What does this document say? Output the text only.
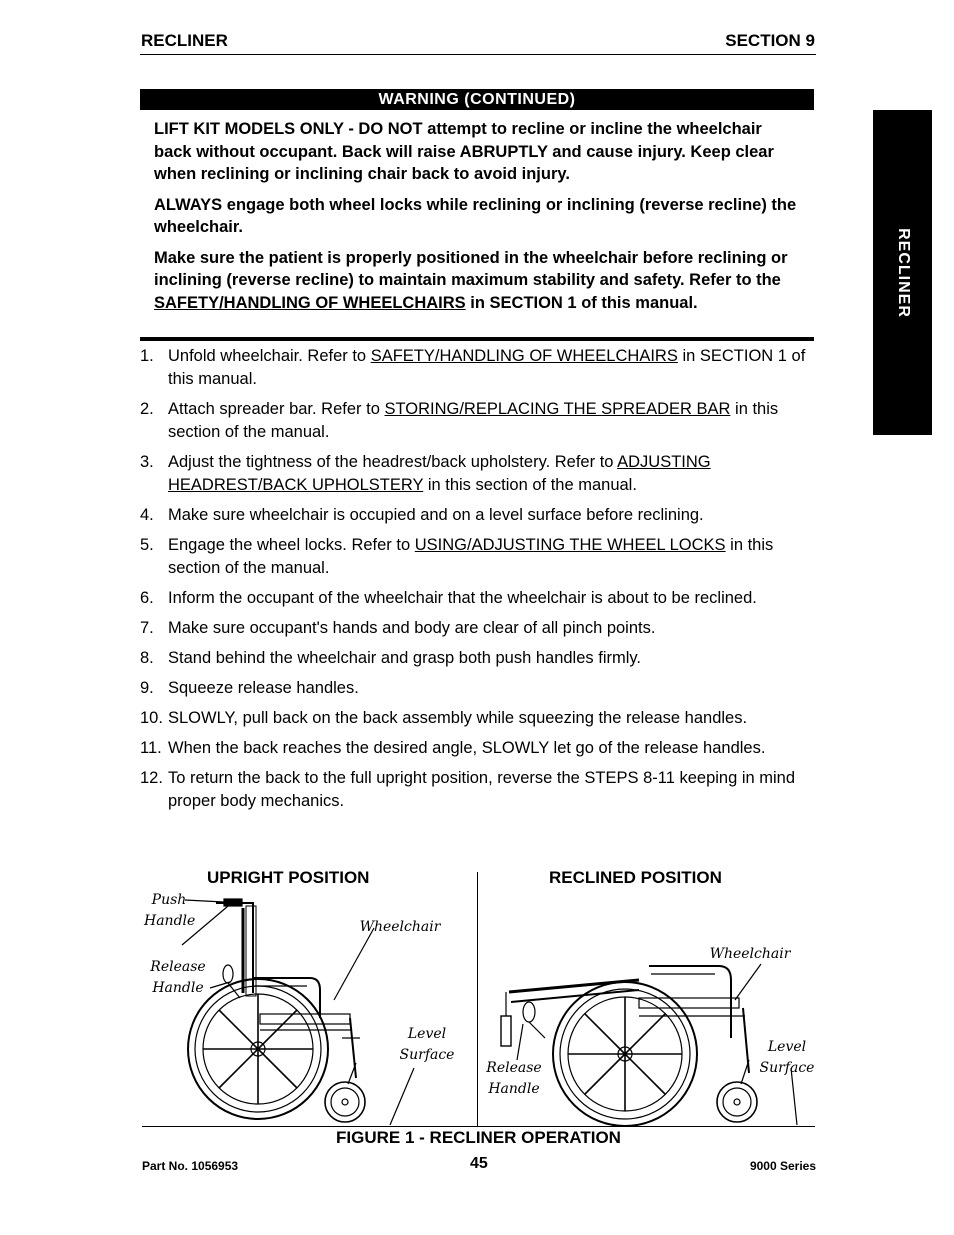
RECLINER	SECTION 9
RECLINER
WARNING (CONTINUED)

LIFT KIT MODELS ONLY - DO NOT attempt to recline or incline the wheelchair back without occupant. Back will raise ABRUPTLY and cause injury. Keep clear when reclining or inclining chair back to avoid injury.

ALWAYS engage both wheel locks while reclining or inclining (reverse recline) the wheelchair.

Make sure the patient is properly positioned in the wheelchair before reclining or inclining (reverse recline) to maintain maximum stability and safety. Refer to the SAFETY/HANDLING OF WHEELCHAIRS in SECTION 1 of this manual.

1. Unfold wheelchair. Refer to SAFETY/HANDLING OF WHEELCHAIRS in SECTION 1 of this manual.
2. Attach spreader bar. Refer to STORING/REPLACING THE SPREADER BAR in this section of the manual.
3. Adjust the tightness of the headrest/back upholstery. Refer to ADJUSTING HEADREST/BACK UPHOLSTERY in this section of the manual.
4. Make sure wheelchair is occupied and on a level surface before reclining.
5. Engage the wheel locks. Refer to USING/ADJUSTING THE WHEEL LOCKS in this section of the manual.
6. Inform the occupant of the wheelchair that the wheelchair is about to be reclined.
7. Make sure occupant's hands and body are clear of all pinch points.
8. Stand behind the wheelchair and grasp both push handles firmly.
9. Squeeze release handles.
10. SLOWLY, pull back on the back assembly while squeezing the release handles.
11. When the back reaches the desired angle, SLOWLY let go of the release handles.
12. To return the back to the full upright position, reverse the STEPS 8-11 keeping in mind proper body mechanics.
UPRIGHT POSITION	RECLINED POSITION
Push
Handle
Release
Handle
Wheelchair
Level
Surface
Wheelchair
Release
Handle
Level
Surface
FIGURE 1 - RECLINER OPERATION
Part No. 1056953	45	9000 Series
